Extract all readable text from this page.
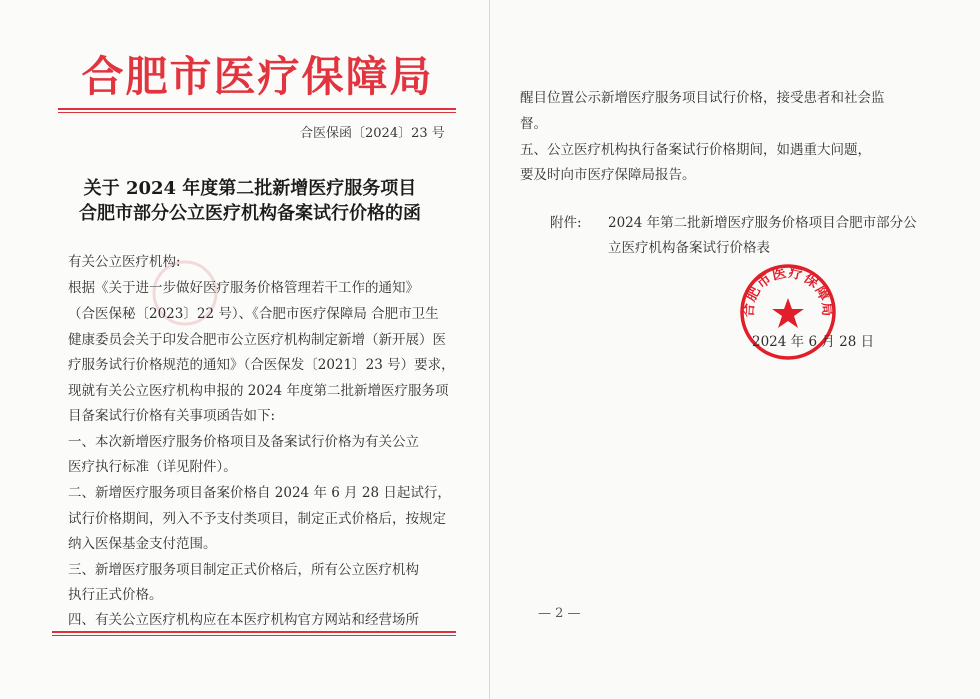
合肥市医疗保障局
合医保函〔2024〕23 号
关于 2024 年度第二批新增医疗服务项目
合肥市部分公立医疗机构备案试行价格的函
有关公立医疗机构:
根据《关于进一步做好医疗服务价格管理若干工作的通知》
（合医保秘〔2023〕22 号）、《合肥市医疗保障局 合肥市卫生
健康委员会关于印发合肥市公立医疗机构制定新增（新开展）医
疗服务试行价格规范的通知》（合医保发〔2021〕23 号）要求，
现就有关公立医疗机构申报的 2024 年度第二批新增医疗服务项
目备案试行价格有关事项函告如下:
一、本次新增医疗服务价格项目及备案试行价格为有关公立
医疗执行标准（详见附件）。
二、新增医疗服务项目备案价格自 2024 年 6 月 28 日起试行，
试行价格期间，列入不予支付类项目，制定正式价格后，按规定
纳入医保基金支付范围。
三、新增医疗服务项目制定正式价格后，所有公立医疗机构
执行正式价格。
四、有关公立医疗机构应在本医疗机构官方网站和经营场所
醒目位置公示新增医疗服务项目试行价格，接受患者和社会监
督。
五、公立医疗机构执行备案试行价格期间，如遇重大问题，
要及时向市医疗保障局报告。
附件: 2024 年第二批新增医疗服务价格项目合肥市部分公
立医疗机构备案试行价格表
合肥市医疗保障局
2024 年 6 月 28 日
— 2 —
